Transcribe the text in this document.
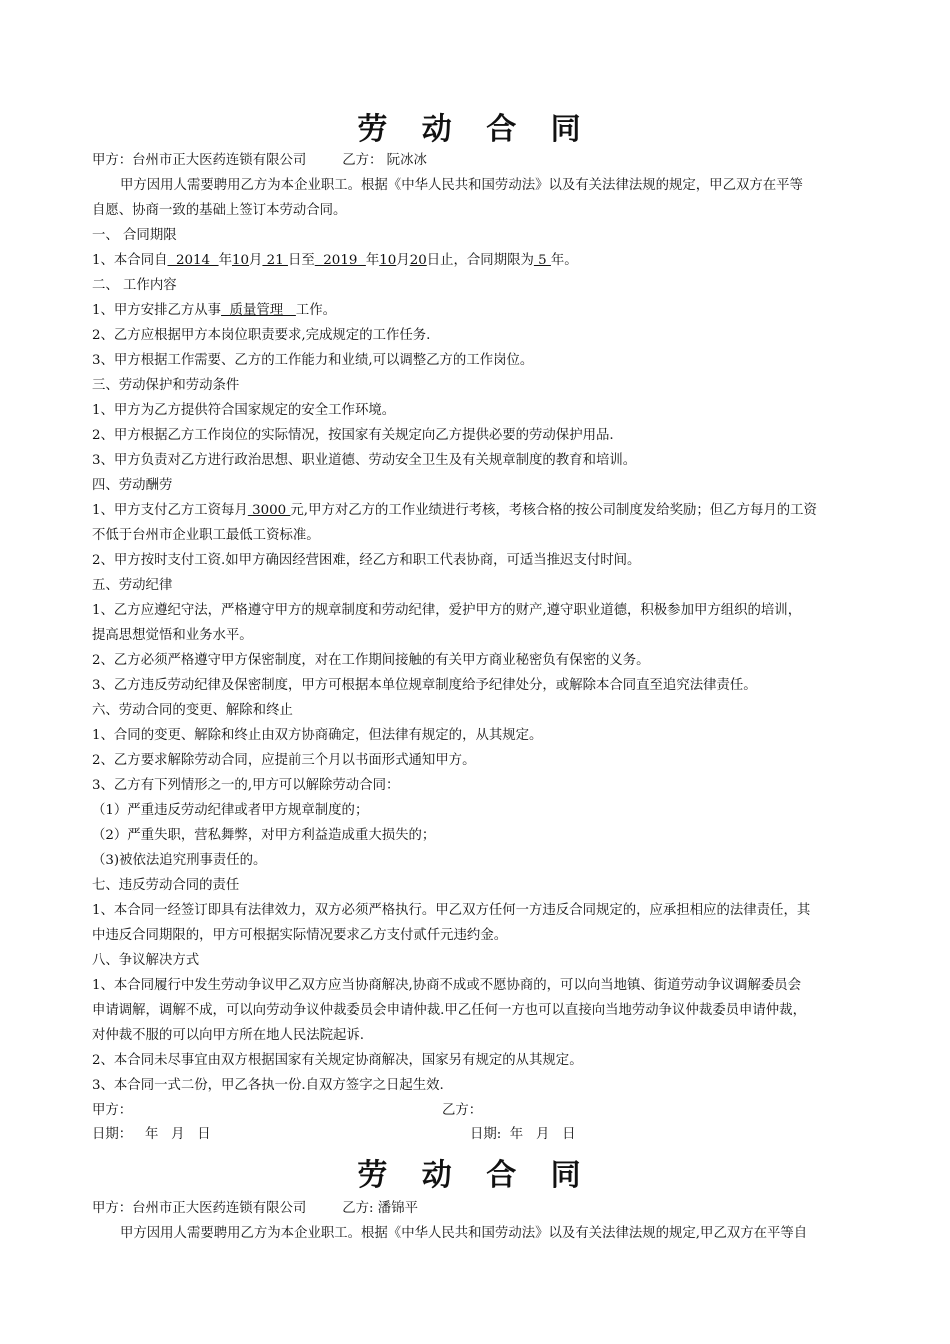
劳 动 合 同

甲方：台州市正大医药连锁有限公司	乙方： 阮冰冰

甲方因用人需要聘用乙方为本企业职工。根据《中华人民共和国劳动法》以及有关法律法规的规定，甲乙双方在平等

自愿、协商一致的基础上签订本劳动合同。

一、 合同期限

1、本合同自  2014  年10月 21 日至  2019  年10月20日止，合同期限为 5 年。

二、 工作内容

1、甲方安排乙方从事  质量管理   工作。

2、乙方应根据甲方本岗位职责要求,完成规定的工作任务.

3、甲方根据工作需要、乙方的工作能力和业绩,可以调整乙方的工作岗位。

三、劳动保护和劳动条件

1、甲方为乙方提供符合国家规定的安全工作环境。

2、甲方根据乙方工作岗位的实际情况，按国家有关规定向乙方提供必要的劳动保护用品.

3、甲方负责对乙方进行政治思想、职业道德、劳动安全卫生及有关规章制度的教育和培训。

四、劳动酬劳

1、甲方支付乙方工资每月 3000 元,甲方对乙方的工作业绩进行考核，考核合格的按公司制度发给奖励；但乙方每月的工资

不低于台州市企业职工最低工资标准。

2、甲方按时支付工资.如甲方确因经营困难，经乙方和职工代表协商，可适当推迟支付时间。

五、劳动纪律

1、乙方应遵纪守法，严格遵守甲方的规章制度和劳动纪律，爱护甲方的财产,遵守职业道德，积极参加甲方组织的培训，

提高思想觉悟和业务水平。

2、乙方必须严格遵守甲方保密制度，对在工作期间接触的有关甲方商业秘密负有保密的义务。

3、乙方违反劳动纪律及保密制度，甲方可根据本单位规章制度给予纪律处分，或解除本合同直至追究法律责任。

六、劳动合同的变更、解除和终止

1、合同的变更、解除和终止由双方协商确定，但法律有规定的，从其规定。

2、乙方要求解除劳动合同，应提前三个月以书面形式通知甲方。

3、乙方有下列情形之一的,甲方可以解除劳动合同：

（1）严重违反劳动纪律或者甲方规章制度的；

（2）严重失职，营私舞弊，对甲方利益造成重大损失的；

（3)被依法追究刑事责任的。

七、违反劳动合同的责任

1、本合同一经签订即具有法律效力，双方必须严格执行。甲乙双方任何一方违反合同规定的，应承担相应的法律责任，其

中违反合同期限的，甲方可根据实际情况要求乙方支付贰仟元违约金。

八、争议解决方式

1、本合同履行中发生劳动争议甲乙双方应当协商解决,协商不成或不愿协商的，可以向当地镇、街道劳动争议调解委员会

申请调解，调解不成，可以向劳动争议仲裁委员会申请仲裁.甲乙任何一方也可以直接向当地劳动争议仲裁委员申请仲裁，

对仲裁不服的可以向甲方所在地人民法院起诉.

2、本合同未尽事宜由双方根据国家有关规定协商解决，国家另有规定的从其规定。

3、本合同一式二份，甲乙各执一份.自双方签字之日起生效.

甲方：	乙方：

日期：   年   月   日	日期:  年   月   日

劳 动 合 同

甲方：台州市正大医药连锁有限公司	乙方: 潘锦平

甲方因用人需要聘用乙方为本企业职工。根据《中华人民共和国劳动法》以及有关法律法规的规定,甲乙双方在平等自
